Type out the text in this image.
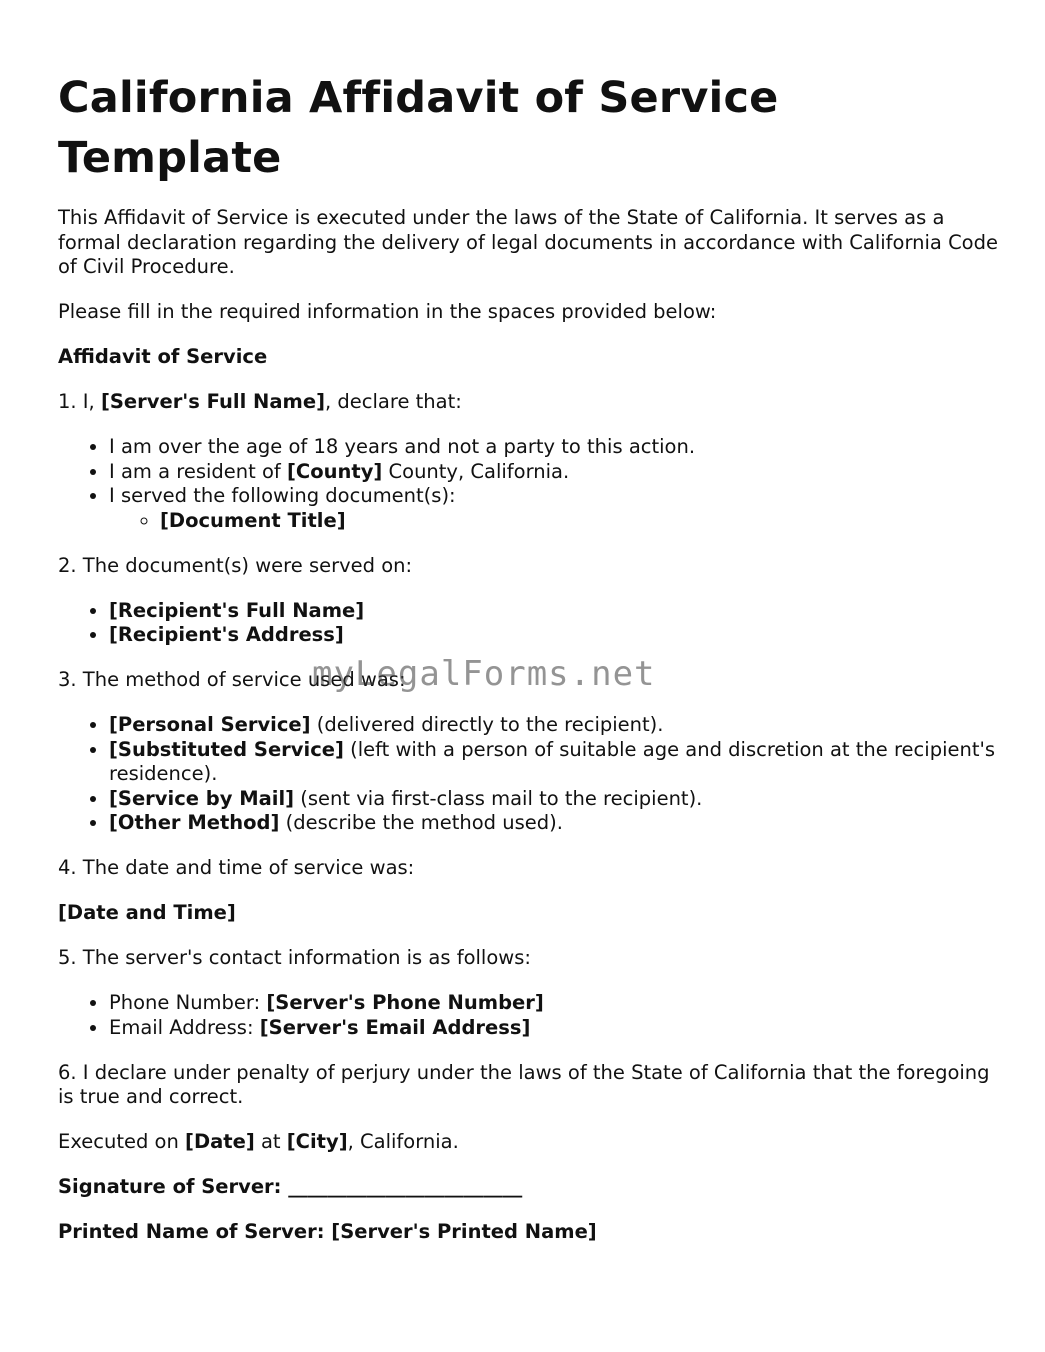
California Affidavit of Service Template

This Affidavit of Service is executed under the laws of the State of California. It serves as a formal declaration regarding the delivery of legal documents in accordance with California Code of Civil Procedure.

Please fill in the required information in the spaces provided below:

Affidavit of Service

1. I, [Server's Full Name], declare that:

• I am over the age of 18 years and not a party to this action.
• I am a resident of [County] County, California.
• I served the following document(s):
◦ [Document Title]

2. The document(s) were served on:

• [Recipient's Full Name]
• [Recipient's Address]

3. The method of service used was:

• [Personal Service] (delivered directly to the recipient).
• [Substituted Service] (left with a person of suitable age and discretion at the recipient's residence).
• [Service by Mail] (sent via first-class mail to the recipient).
• [Other Method] (describe the method used).

4. The date and time of service was:

[Date and Time]

5. The server's contact information is as follows:

• Phone Number: [Server's Phone Number]
• Email Address: [Server's Email Address]

6. I declare under penalty of perjury under the laws of the State of California that the foregoing is true and correct.

Executed on [Date] at [City], California.

Signature of Server: ________________________

Printed Name of Server: [Server's Printed Name]

myLegalForms.net
